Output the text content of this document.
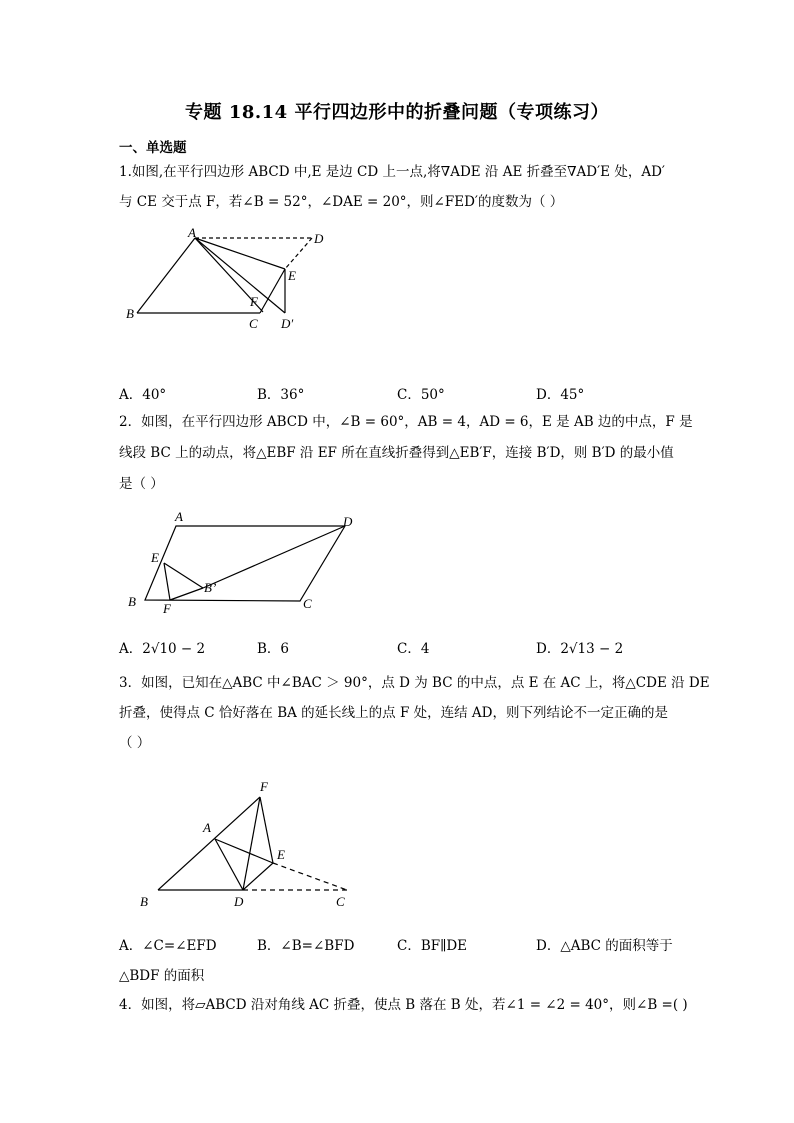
专题 18.14 平行四边形中的折叠问题（专项练习）
一、单选题
1.如图,在平行四边形 ABCD 中,E 是边 CD 上一点,将∇ADE 沿 AE 折叠至∇AD′E 处，AD′
与 CE 交于点 F，若∠B = 52°，∠DAE = 20°，则∠FED′的度数为（ ）
A	D
E
F
B
C D′
A．40°	B．36°	C．50°	D．45°
2．如图，在平行四边形 ABCD 中，∠B = 60°，AB = 4，AD = 6，E 是 AB 边的中点，F 是
线段 BC 上的动点，将△EBF 沿 EF 所在直线折叠得到△EB′F，连接 B′D，则 B′D 的最小值
是（ ）
A	D
E
B’
B F	C
A．2√10 − 2	B．6	C．4	D．2√13 − 2
3．如图，已知在△ABC 中∠BAC ＞ 90°，点 D 为 BC 的中点，点 E 在 AC 上，将△CDE 沿 DE
折叠，使得点 C 恰好落在 BA 的延长线上的点 F 处，连结 AD，则下列结论不一定正确的是
（ ）
F
A
E
B	D	C
A．∠C=∠EFD	B．∠B=∠BFD	C．BF∥DE	D．△ABC 的面积等于
△BDF 的面积
4．如图，将▱ABCD 沿对角线 AC 折叠，使点 B 落在 B 处，若∠1 = ∠2 = 40°，则∠B =( )
